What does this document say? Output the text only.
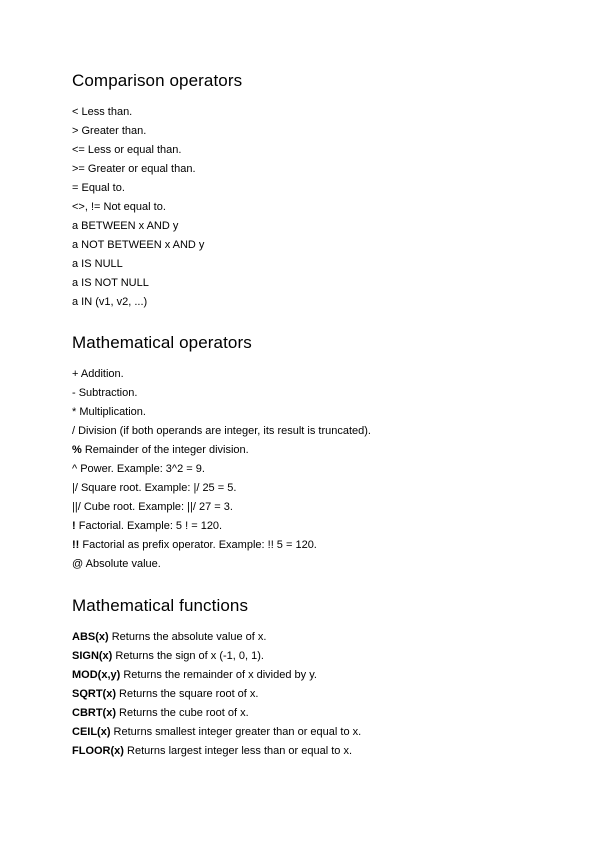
Comparison operators
< Less than.
> Greater than.
<= Less or equal than.
>= Greater or equal than.
= Equal to.
<>, != Not equal to.
a BETWEEN x AND y
a NOT BETWEEN x AND y
a IS NULL
a IS NOT NULL
a IN (v1, v2, ...)
Mathematical operators
+ Addition.
- Subtraction.
* Multiplication.
/ Division (if both operands are integer, its result is truncated).
% Remainder of the integer division.
^ Power. Example: 3^2 = 9.
|/ Square root. Example: |/ 25 = 5.
||/ Cube root. Example: ||/ 27 = 3.
! Factorial. Example: 5 ! = 120.
!! Factorial as prefix operator. Example: !! 5 = 120.
@ Absolute value.
Mathematical functions
ABS(x) Returns the absolute value of x.
SIGN(x) Returns the sign of x (-1, 0, 1).
MOD(x,y) Returns the remainder of x divided by y.
SQRT(x) Returns the square root of x.
CBRT(x) Returns the cube root of x.
CEIL(x) Returns smallest integer greater than or equal to x.
FLOOR(x) Returns largest integer less than or equal to x.
